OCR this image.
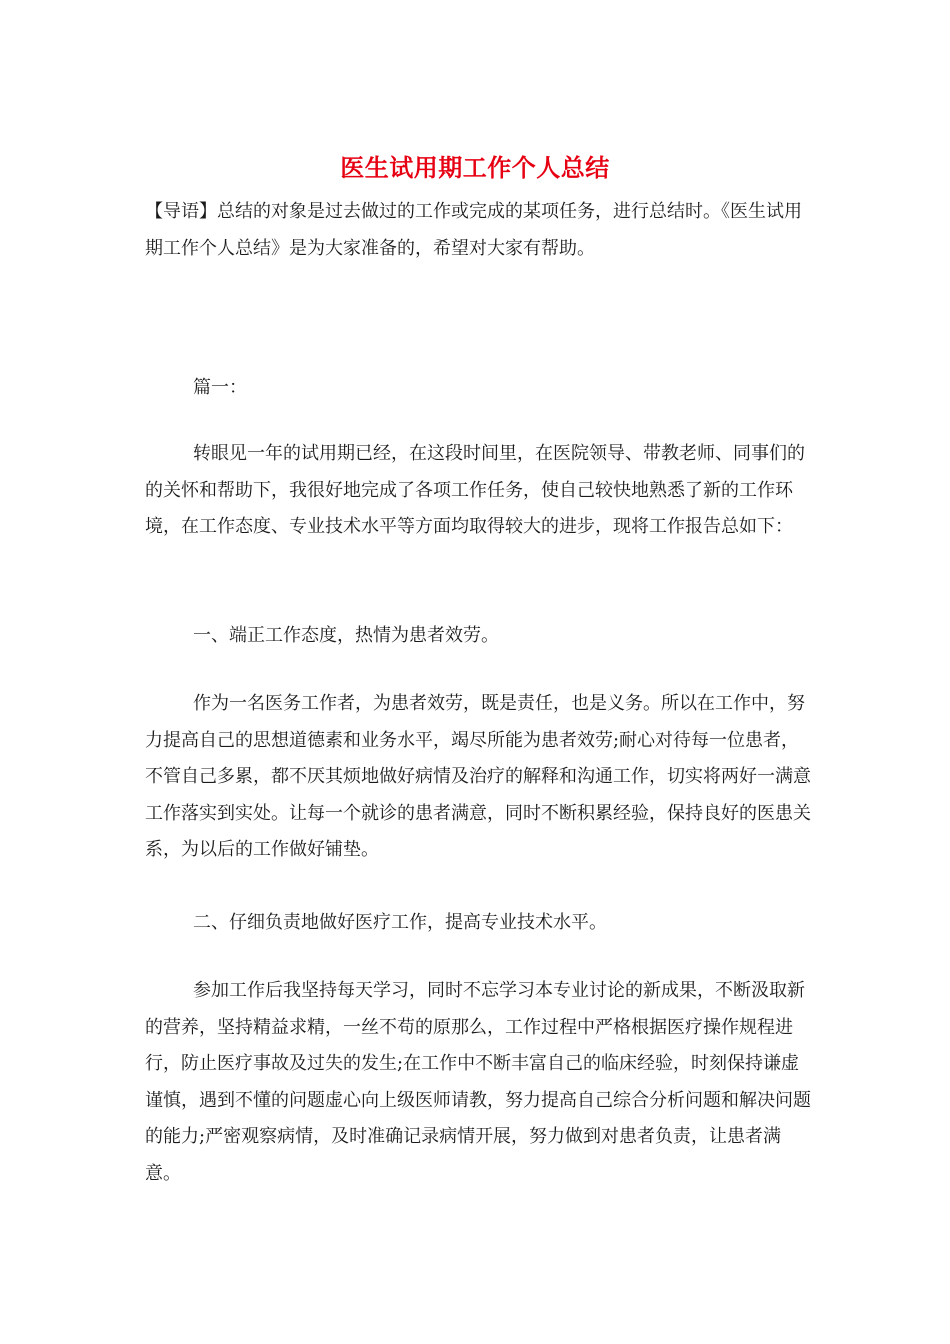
医生试用期工作个人总结

【导语】总结的对象是过去做过的工作或完成的某项任务，进行总结时。《医生试用期工作个人总结》是为大家准备的，希望对大家有帮助。

篇一：

转眼见一年的试用期已经，在这段时间里，在医院领导、带教老师、同事们的的关怀和帮助下，我很好地完成了各项工作任务，使自己较快地熟悉了新的工作环境，在工作态度、专业技术水平等方面均取得较大的进步，现将工作报告总如下：

一、端正工作态度，热情为患者效劳。

作为一名医务工作者，为患者效劳，既是责任，也是义务。所以在工作中，努力提高自己的思想道德素和业务水平，竭尽所能为患者效劳;耐心对待每一位患者，不管自己多累，都不厌其烦地做好病情及治疗的解释和沟通工作，切实将两好一满意工作落实到实处。让每一个就诊的患者满意，同时不断积累经验，保持良好的医患关系，为以后的工作做好铺垫。

二、仔细负责地做好医疗工作，提高专业技术水平。

参加工作后我坚持每天学习，同时不忘学习本专业讨论的新成果，不断汲取新的营养，坚持精益求精，一丝不苟的原那么，工作过程中严格根据医疗操作规程进行，防止医疗事故及过失的发生;在工作中不断丰富自己的临床经验，时刻保持谦虚谨慎，遇到不懂的问题虚心向上级医师请教，努力提高自己综合分析问题和解决问题的能力;严密观察病情，及时准确记录病情开展，努力做到对患者负责，让患者满意。
